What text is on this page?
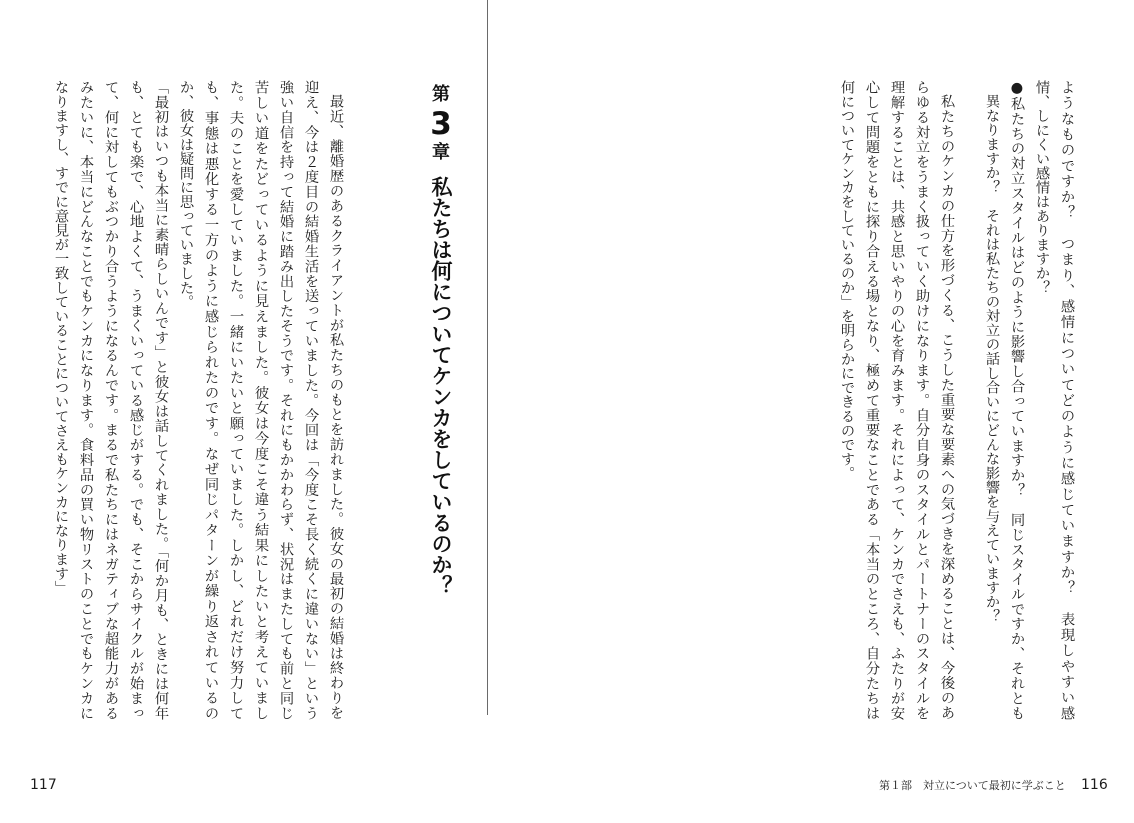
第
3
章
私たちは何についてケンカをしているのか？
最近、離婚歴のあるクライアントが私たちのもとを訪れました。彼女の最初の結婚は終わりを
迎え、今は２度目の結婚生活を送っていました。今回は「今度こそ長く続くに違いない」という
強い自信を持って結婚に踏み出したそうです。それにもかかわらず、状況はまたしても前と同じ
苦しい道をたどっているように見えました。彼女は今度こそ違う結果にしたいと考えていまし
た。夫のことを愛していました。一緒にいたいと願っていました。しかし、どれだけ努力して
も、事態は悪化する一方のように感じられたのです。なぜ同じパターンが繰り返されているの
か、彼女は疑問に思っていました。
「最初はいつも本当に素晴らしいんです」と彼女は話してくれました。「何か月も、ときには何年
も、とても楽で、心地よくて、うまくいっている感じがする。でも、そこからサイクルが始まっ
て、何に対してもぶつかり合うようになるんです。まるで私たちにはネガティブな超能力がある
みたいに、本当にどんなことでもケンカになります。食料品の買い物リストのことでもケンカに
なりますし、すでに意見が一致していることについてさえもケンカになります」
117
ようなものですか？　つまり、感情についてどのように感じていますか？　表現しやすい感
情、しにくい感情はありますか？
●私たちの対立スタイルはどのように影響し合っていますか？　同じスタイルですか、それとも
異なりますか？　それは私たちの対立の話し合いにどんな影響を与えていますか？
私たちのケンカの仕方を形づくる、こうした重要な要素への気づきを深めることは、今後のあ
らゆる対立をうまく扱っていく助けになります。自分自身のスタイルとパートナーのスタイルを
理解することは、共感と思いやりの心を育みます。それによって、ケンカでさえも、ふたりが安
心して問題をともに探り合える場となり、極めて重要なことである「本当のところ、自分たちは
何についてケンカをしているのか」を明らかにできるのです。
第１部　対立について最初に学ぶこと 116
